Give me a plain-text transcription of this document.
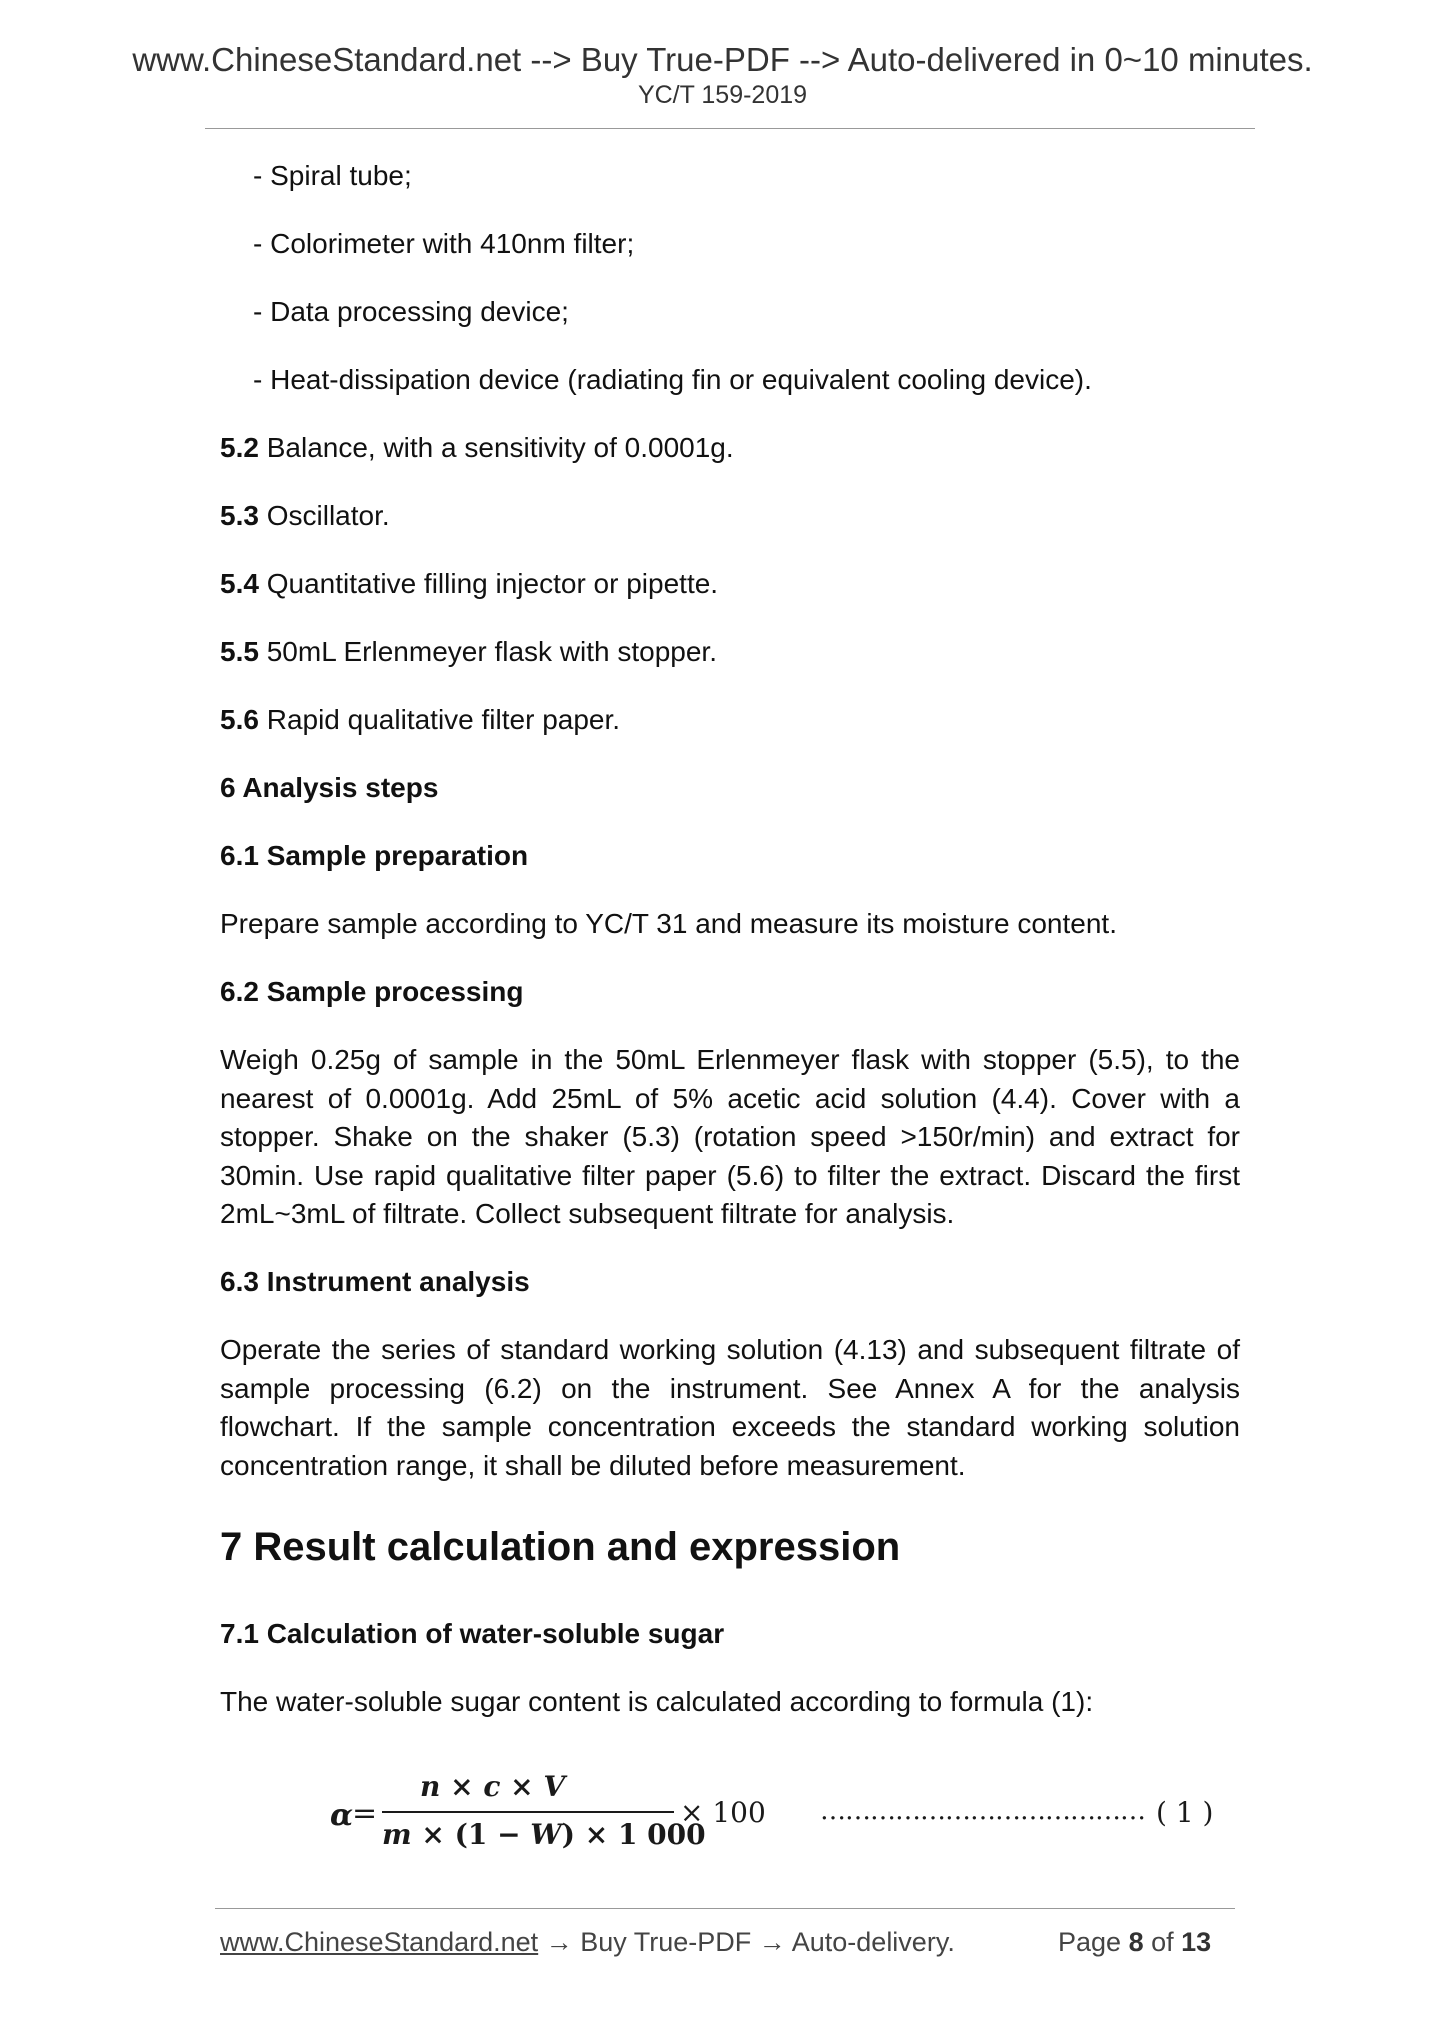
www.ChineseStandard.net --> Buy True-PDF --> Auto-delivered in 0~10 minutes.
YC/T 159-2019

- Spiral tube;

- Colorimeter with 410nm filter;

- Data processing device;

- Heat-dissipation device (radiating fin or equivalent cooling device).

5.2 Balance, with a sensitivity of 0.0001g.

5.3 Oscillator.

5.4 Quantitative filling injector or pipette.

5.5 50mL Erlenmeyer flask with stopper.

5.6 Rapid qualitative filter paper.

6 Analysis steps

6.1 Sample preparation

Prepare sample according to YC/T 31 and measure its moisture content.

6.2 Sample processing

Weigh 0.25g of sample in the 50mL Erlenmeyer flask with stopper (5.5), to the nearest of 0.0001g. Add 25mL of 5% acetic acid solution (4.4). Cover with a stopper. Shake on the shaker (5.3) (rotation speed >150r/min) and extract for 30min. Use rapid qualitative filter paper (5.6) to filter the extract. Discard the first 2mL~3mL of filtrate. Collect subsequent filtrate for analysis.

6.3 Instrument analysis

Operate the series of standard working solution (4.13) and subsequent filtrate of sample processing (6.2) on the instrument. See Annex A for the analysis flowchart. If the sample concentration exceeds the standard working solution concentration range, it shall be diluted before measurement.

7 Result calculation and expression

7.1 Calculation of water-soluble sugar

The water-soluble sugar content is calculated according to formula (1):

α
=
n × c × V
m × (1 − W) × 1 000
× 100 ………………………………… ( 1 )
www.ChineseStandard.net → Buy True-PDF → Auto-delivery.	Page 8 of 13
